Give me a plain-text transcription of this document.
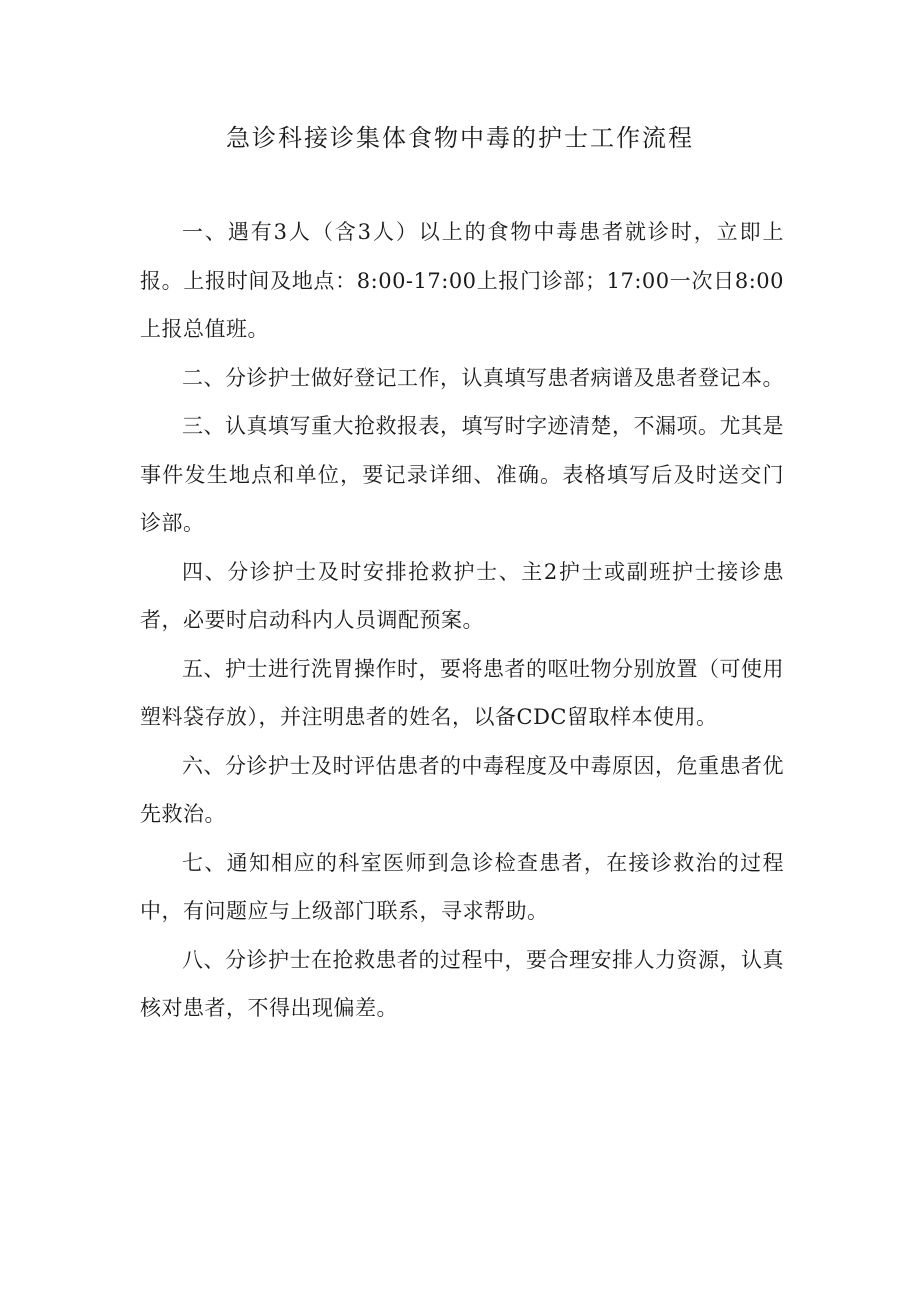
急诊科接诊集体食物中毒的护士工作流程

一、遇有3人（含3人）以上的食物中毒患者就诊时，立即上报。上报时间及地点：8:00-17:00上报门诊部；17:00一次日8:00上报总值班。

二、分诊护士做好登记工作，认真填写患者病谱及患者登记本。

三、认真填写重大抢救报表，填写时字迹清楚，不漏项。尤其是事件发生地点和单位，要记录详细、准确。表格填写后及时送交门诊部。

四、分诊护士及时安排抢救护士、主2护士或副班护士接诊患者，必要时启动科内人员调配预案。

五、护士进行洗胃操作时，要将患者的呕吐物分别放置（可使用塑料袋存放），并注明患者的姓名，以备CDC留取样本使用。

六、分诊护士及时评估患者的中毒程度及中毒原因，危重患者优先救治。

七、通知相应的科室医师到急诊检查患者，在接诊救治的过程中，有问题应与上级部门联系，寻求帮助。

八、分诊护士在抢救患者的过程中，要合理安排人力资源，认真核对患者，不得出现偏差。
